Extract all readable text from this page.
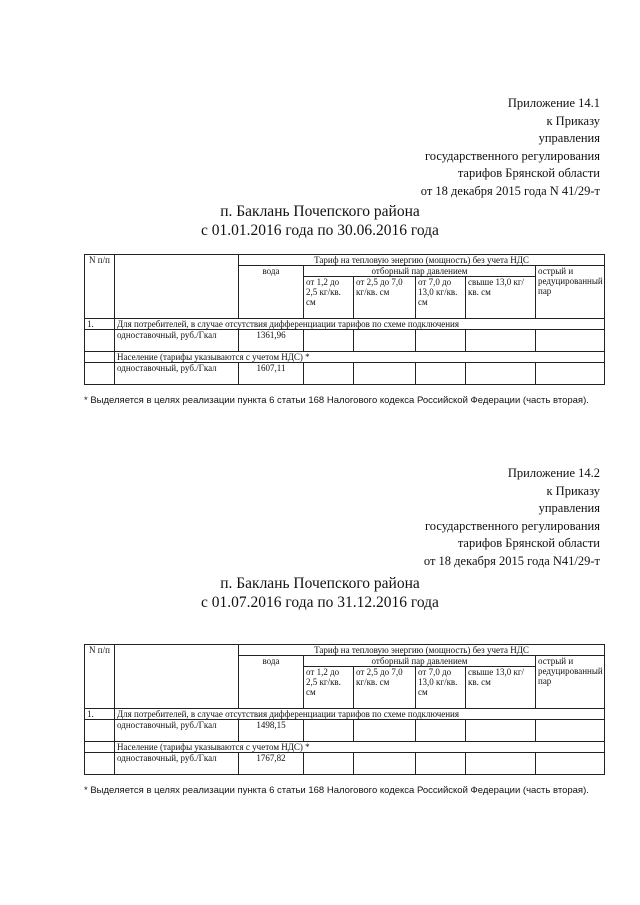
Приложение 14.1
к Приказу
управления
государственного регулирования
тарифов Брянской области
от 18 декабря 2015 года N 41/29-т
п. Баклань Почепского района
с 01.01.2016 года по 30.06.2016 года
N п/п		Тариф на тепловую энергию (мощность) без учета НДС					
		вода	отборный пар давлением				острый и редуцированный пар
			от 1,2 до 2,5 кг/кв. см	от 2,5 до 7,0 кг/кв. см	от 7,0 до 13,0 кг/кв. см	свыше 13,0 кг/кв. см	
1.	Для потребителей, в случае отсутствия дифференциации тарифов по схеме подключения						
	одноставочный, руб./Гкал	1361,96					
	Население (тарифы указываются с учетом НДС) *						
	одноставочный, руб./Гкал	1607,11					
* Выделяется в целях реализации пункта 6 статьи 168 Налогового кодекса Российской Федерации (часть вторая).
Приложение 14.2
к Приказу
управления
государственного регулирования
тарифов Брянской области
от 18 декабря 2015 года N41/29-т
п. Баклань Почепского района
с 01.07.2016 года по 31.12.2016 года
N п/п		Тариф на тепловую энергию (мощность) без учета НДС					
		вода	отборный пар давлением				острый и редуцированный пар
			от 1,2 до 2,5 кг/кв. см	от 2,5 до 7,0 кг/кв. см	от 7,0 до 13,0 кг/кв. см	свыше 13,0 кг/кв. см	
1.	Для потребителей, в случае отсутствия дифференциации тарифов по схеме подключения						
	одноставочный, руб./Гкал	1498,15					
	Население (тарифы указываются с учетом НДС) *						
	одноставочный, руб./Гкал	1767,82					
* Выделяется в целях реализации пункта 6 статьи 168 Налогового кодекса Российской Федерации (часть вторая).
